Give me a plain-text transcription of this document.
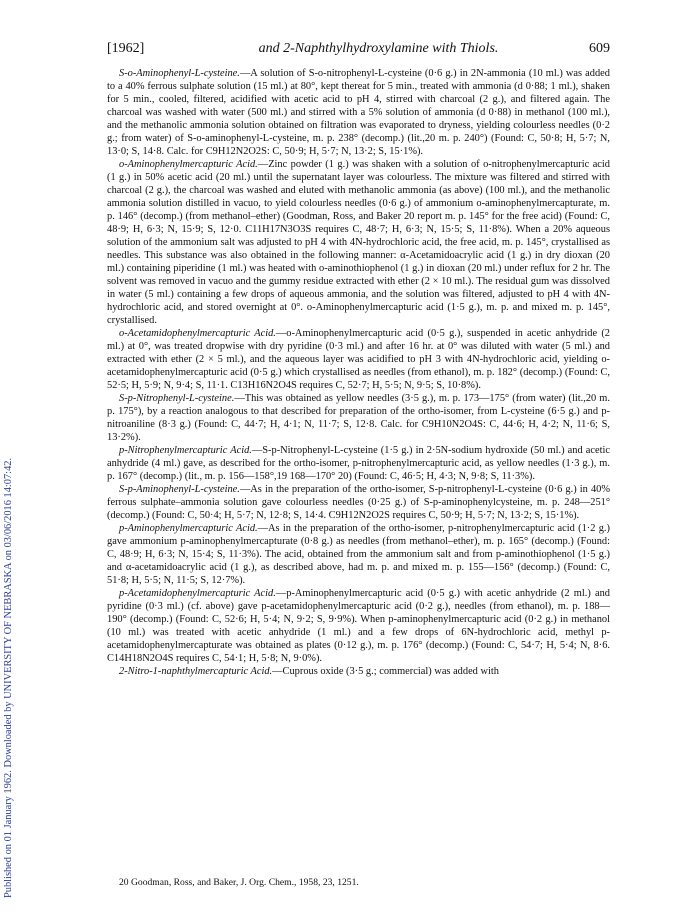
Published on 01 January 1962. Downloaded by UNIVERSITY OF NEBRASKA on 03/06/2016 14:07:42.
[1962]	and 2-Naphthylhydroxylamine with Thiols.	609

S-o-Aminophenyl-L-cysteine.—A solution of S-o-nitrophenyl-L-cysteine (0·6 g.) in 2N-ammonia (10 ml.) was added to a 40% ferrous sulphate solution (15 ml.) at 80°, kept thereat for 5 min., treated with ammonia (d 0·88; 1 ml.), shaken for 5 min., cooled, filtered, acidified with acetic acid to pH 4, stirred with charcoal (2 g.), and filtered again. The charcoal was washed with water (500 ml.) and stirred with a 5% solution of ammonia (d 0·88) in methanol (100 ml.), and the methanolic ammonia solution obtained on filtration was evaporated to dryness, yielding colourless needles (0·2 g.; from water) of S-o-aminophenyl-L-cysteine, m. p. 238° (decomp.) (lit.,20 m. p. 240°) (Found: C, 50·8; H, 5·7; N, 13·0; S, 14·8. Calc. for C9H12N2O2S: C, 50·9; H, 5·7; N, 13·2; S, 15·1%).

o-Aminophenylmercapturic Acid.—Zinc powder (1 g.) was shaken with a solution of o-nitrophenylmercapturic acid (1 g.) in 50% acetic acid (20 ml.) until the supernatant layer was colourless. The mixture was filtered and stirred with charcoal (2 g.), the charcoal was washed and eluted with methanolic ammonia (as above) (100 ml.), and the methanolic ammonia solution distilled in vacuo, to yield colourless needles (0·6 g.) of ammonium o-aminophenylmercapturate, m. p. 146° (decomp.) (from methanol–ether) (Goodman, Ross, and Baker 20 report m. p. 145° for the free acid) (Found: C, 48·9; H, 6·3; N, 15·9; S, 12·0. C11H17N3O3S requires C, 48·7; H, 6·3; N, 15·5; S, 11·8%). When a 20% aqueous solution of the ammonium salt was adjusted to pH 4 with 4N-hydrochloric acid, the free acid, m. p. 145°, crystallised as needles. This substance was also obtained in the following manner: α-Acetamidoacrylic acid (1 g.) in dry dioxan (20 ml.) containing piperidine (1 ml.) was heated with o-aminothiophenol (1 g.) in dioxan (20 ml.) under reflux for 2 hr. The solvent was removed in vacuo and the gummy residue extracted with ether (2 × 10 ml.). The residual gum was dissolved in water (5 ml.) containing a few drops of aqueous ammonia, and the solution was filtered, adjusted to pH 4 with 4N-hydrochloric acid, and stored overnight at 0°. o-Aminophenylmercapturic acid (1·5 g.), m. p. and mixed m. p. 145°, crystallised.

o-Acetamidophenylmercapturic Acid.—o-Aminophenylmercapturic acid (0·5 g.), suspended in acetic anhydride (2 ml.) at 0°, was treated dropwise with dry pyridine (0·3 ml.) and after 16 hr. at 0° was diluted with water (5 ml.) and extracted with ether (2 × 5 ml.), and the aqueous layer was acidified to pH 3 with 4N-hydrochloric acid, yielding o-acetamidophenylmercapturic acid (0·5 g.) which crystallised as needles (from ethanol), m. p. 182° (decomp.) (Found: C, 52·5; H, 5·9; N, 9·4; S, 11·1. C13H16N2O4S requires C, 52·7; H, 5·5; N, 9·5; S, 10·8%).

S-p-Nitrophenyl-L-cysteine.—This was obtained as yellow needles (3·5 g.), m. p. 173—175° (from water) (lit.,20 m. p. 175°), by a reaction analogous to that described for preparation of the ortho-isomer, from L-cysteine (6·5 g.) and p-nitroaniline (8·3 g.) (Found: C, 44·7; H, 4·1; N, 11·7; S, 12·8. Calc. for C9H10N2O4S: C, 44·6; H, 4·2; N, 11·6; S, 13·2%).

p-Nitrophenylmercapturic Acid.—S-p-Nitrophenyl-L-cysteine (1·5 g.) in 2·5N-sodium hydroxide (50 ml.) and acetic anhydride (4 ml.) gave, as described for the ortho-isomer, p-nitrophenylmercapturic acid, as yellow needles (1·3 g.), m. p. 167° (decomp.) (lit., m. p. 156—158°,19 168—170° 20) (Found: C, 46·5; H, 4·3; N, 9·8; S, 11·3%).

S-p-Aminophenyl-L-cysteine.—As in the preparation of the ortho-isomer, S-p-nitrophenyl-L-cysteine (0·6 g.) in 40% ferrous sulphate–ammonia solution gave colourless needles (0·25 g.) of S-p-aminophenylcysteine, m. p. 248—251° (decomp.) (Found: C, 50·4; H, 5·7; N, 12·8; S, 14·4. C9H12N2O2S requires C, 50·9; H, 5·7; N, 13·2; S, 15·1%).

p-Aminophenylmercapturic Acid.—As in the preparation of the ortho-isomer, p-nitrophenylmercapturic acid (1·2 g.) gave ammonium p-aminophenylmercapturate (0·8 g.) as needles (from methanol–ether), m. p. 165° (decomp.) (Found: C, 48·9; H, 6·3; N, 15·4; S, 11·3%). The acid, obtained from the ammonium salt and from p-aminothiophenol (1·5 g.) and α-acetamidoacrylic acid (1 g.), as described above, had m. p. and mixed m. p. 155—156° (decomp.) (Found: C, 51·8; H, 5·5; N, 11·5; S, 12·7%).

p-Acetamidophenylmercapturic Acid.—p-Aminophenylmercapturic acid (0·5 g.) with acetic anhydride (2 ml.) and pyridine (0·3 ml.) (cf. above) gave p-acetamidophenylmercapturic acid (0·2 g.), needles (from ethanol), m. p. 188—190° (decomp.) (Found: C, 52·6; H, 5·4; N, 9·2; S, 9·9%). When p-aminophenylmercapturic acid (0·2 g.) in methanol (10 ml.) was treated with acetic anhydride (1 ml.) and a few drops of 6N-hydrochloric acid, methyl p-acetamidophenylmercapturate was obtained as plates (0·12 g.), m. p. 176° (decomp.) (Found: C, 54·7; H, 5·4; N, 8·6. C14H18N2O4S requires C, 54·1; H, 5·8; N, 9·0%).

2-Nitro-1-naphthylmercapturic Acid.—Cuprous oxide (3·5 g.; commercial) was added with

20 Goodman, Ross, and Baker, J. Org. Chem., 1958, 23, 1251.
